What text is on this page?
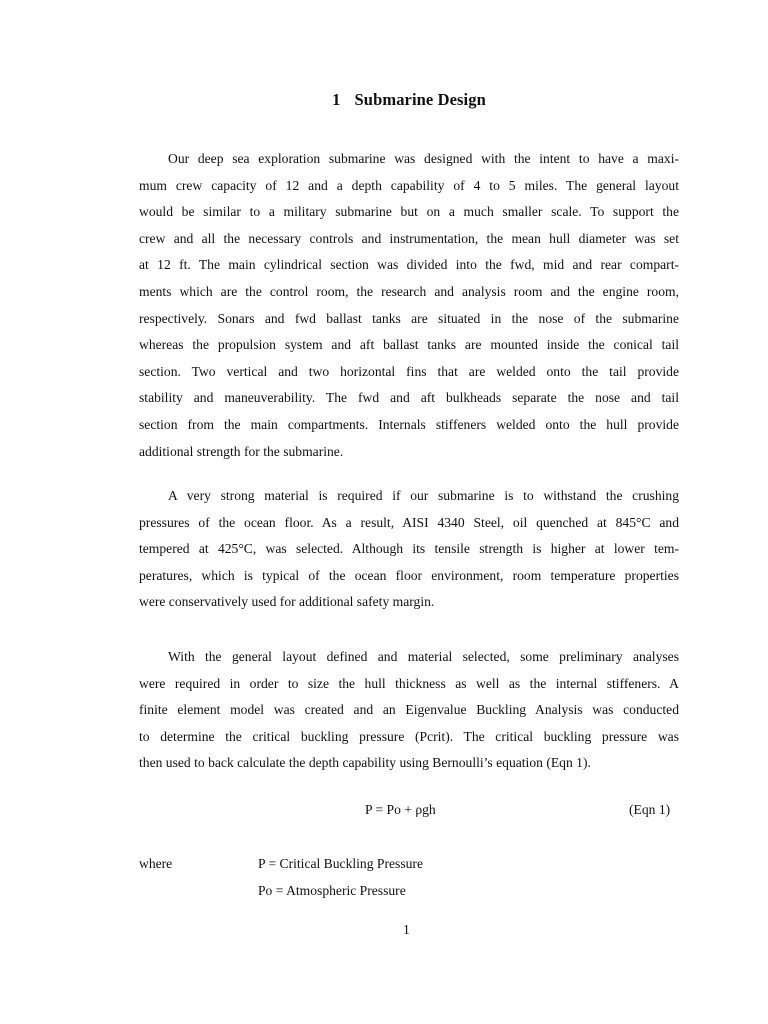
1 Submarine Design
Our deep sea exploration submarine was designed with the intent to have a maxi-
mum crew capacity of 12 and a depth capability of 4 to 5 miles. The general layout
would be similar to a military submarine but on a much smaller scale. To support the
crew and all the necessary controls and instrumentation, the mean hull diameter was set
at 12 ft. The main cylindrical section was divided into the fwd, mid and rear compart-
ments which are the control room, the research and analysis room and the engine room,
respectively. Sonars and fwd ballast tanks are situated in the nose of the submarine
whereas the propulsion system and aft ballast tanks are mounted inside the conical tail
section. Two vertical and two horizontal fins that are welded onto the tail provide
stability and maneuverability. The fwd and aft bulkheads separate the nose and tail
section from the main compartments. Internals stiffeners welded onto the hull provide
additional strength for the submarine.
A very strong material is required if our submarine is to withstand the crushing
pressures of the ocean floor. As a result, AISI 4340 Steel, oil quenched at 845°C and
tempered at 425°C, was selected. Although its tensile strength is higher at lower tem-
peratures, which is typical of the ocean floor environment, room temperature properties
were conservatively used for additional safety margin.
With the general layout defined and material selected, some preliminary analyses
were required in order to size the hull thickness as well as the internal stiffeners. A
finite element model was created and an Eigenvalue Buckling Analysis was conducted
to determine the critical buckling pressure (Pcrit). The critical buckling pressure was
then used to back calculate the depth capability using Bernoulli’s equation (Eqn 1).
P = Po + ρgh	(Eqn 1)
where	P = Critical Buckling Pressure
Po = Atmospheric Pressure
1
